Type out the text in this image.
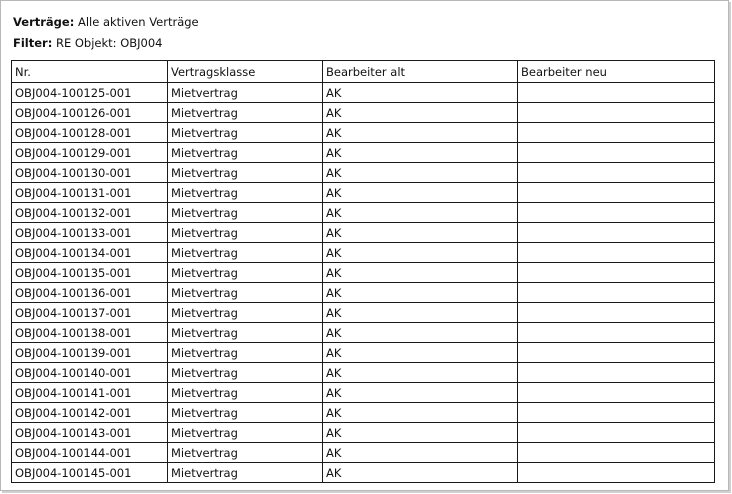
Verträge: Alle aktiven Verträge
Filter: RE Objekt: OBJ004
Nr.	Vertragsklasse	Bearbeiter alt	Bearbeiter neu
OBJ004-100125-001	Mietvertrag	AK	
OBJ004-100126-001	Mietvertrag	AK	
OBJ004-100128-001	Mietvertrag	AK	
OBJ004-100129-001	Mietvertrag	AK	
OBJ004-100130-001	Mietvertrag	AK	
OBJ004-100131-001	Mietvertrag	AK	
OBJ004-100132-001	Mietvertrag	AK	
OBJ004-100133-001	Mietvertrag	AK	
OBJ004-100134-001	Mietvertrag	AK	
OBJ004-100135-001	Mietvertrag	AK	
OBJ004-100136-001	Mietvertrag	AK	
OBJ004-100137-001	Mietvertrag	AK	
OBJ004-100138-001	Mietvertrag	AK	
OBJ004-100139-001	Mietvertrag	AK	
OBJ004-100140-001	Mietvertrag	AK	
OBJ004-100141-001	Mietvertrag	AK	
OBJ004-100142-001	Mietvertrag	AK	
OBJ004-100143-001	Mietvertrag	AK	
OBJ004-100144-001	Mietvertrag	AK	
OBJ004-100145-001	Mietvertrag	AK	
